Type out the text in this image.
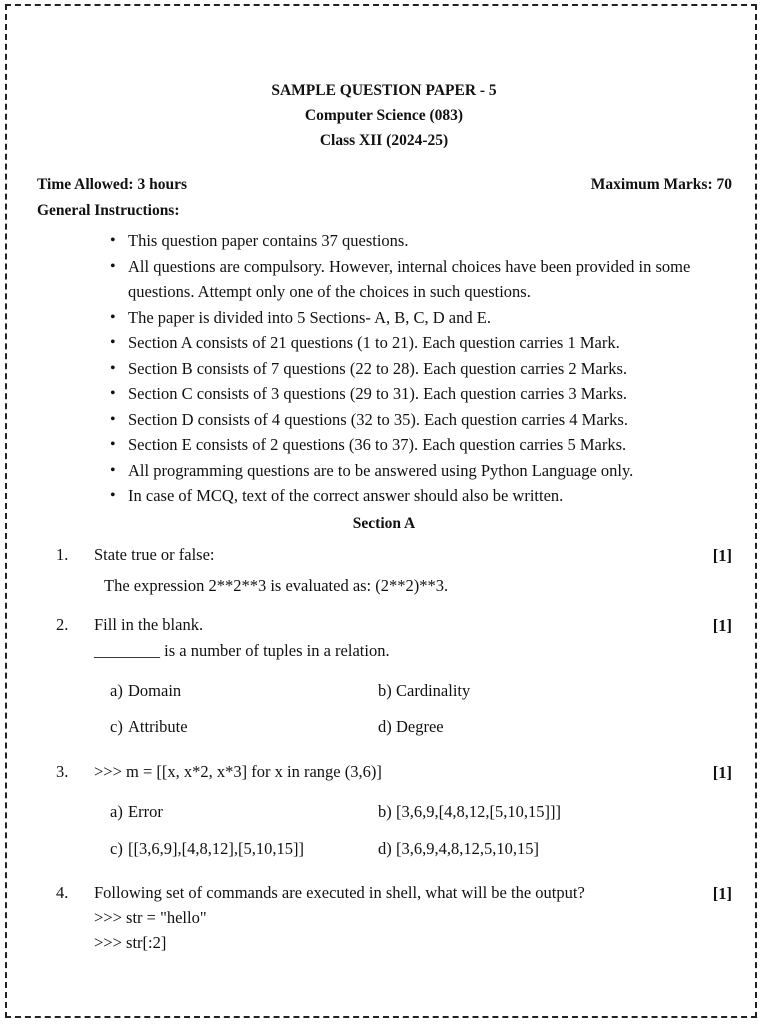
SAMPLE QUESTION PAPER - 5
Computer Science (083)
Class XII (2024-25)
Time Allowed: 3 hours	Maximum Marks: 70
General Instructions:
• This question paper contains 37 questions.
• All questions are compulsory. However, internal choices have been provided in some questions. Attempt only one of the choices in such questions.
• The paper is divided into 5 Sections- A, B, C, D and E.
• Section A consists of 21 questions (1 to 21). Each question carries 1 Mark.
• Section B consists of 7 questions (22 to 28). Each question carries 2 Marks.
• Section C consists of 3 questions (29 to 31). Each question carries 3 Marks.
• Section D consists of 4 questions (32 to 35). Each question carries 4 Marks.
• Section E consists of 2 questions (36 to 37). Each question carries 5 Marks.
• All programming questions are to be answered using Python Language only.
• In case of MCQ, text of the correct answer should also be written.
Section A
1. State true or false:	[1]
The expression 2**2**3 is evaluated as: (2**2)**3.
2. Fill in the blank.	[1]
________ is a number of tuples in a relation.
a) Domain	b) Cardinality
c) Attribute	d) Degree
3. >>> m = [[x, x*2, x*3] for x in range (3,6)]	[1]
a) Error	b) [3,6,9,[4,8,12,[5,10,15]]]
c) [[3,6,9],[4,8,12],[5,10,15]]	d) [3,6,9,4,8,12,5,10,15]
4. Following set of commands are executed in shell, what will be the output?	[1]
>>> str = "hello"
>>> str[:2]
